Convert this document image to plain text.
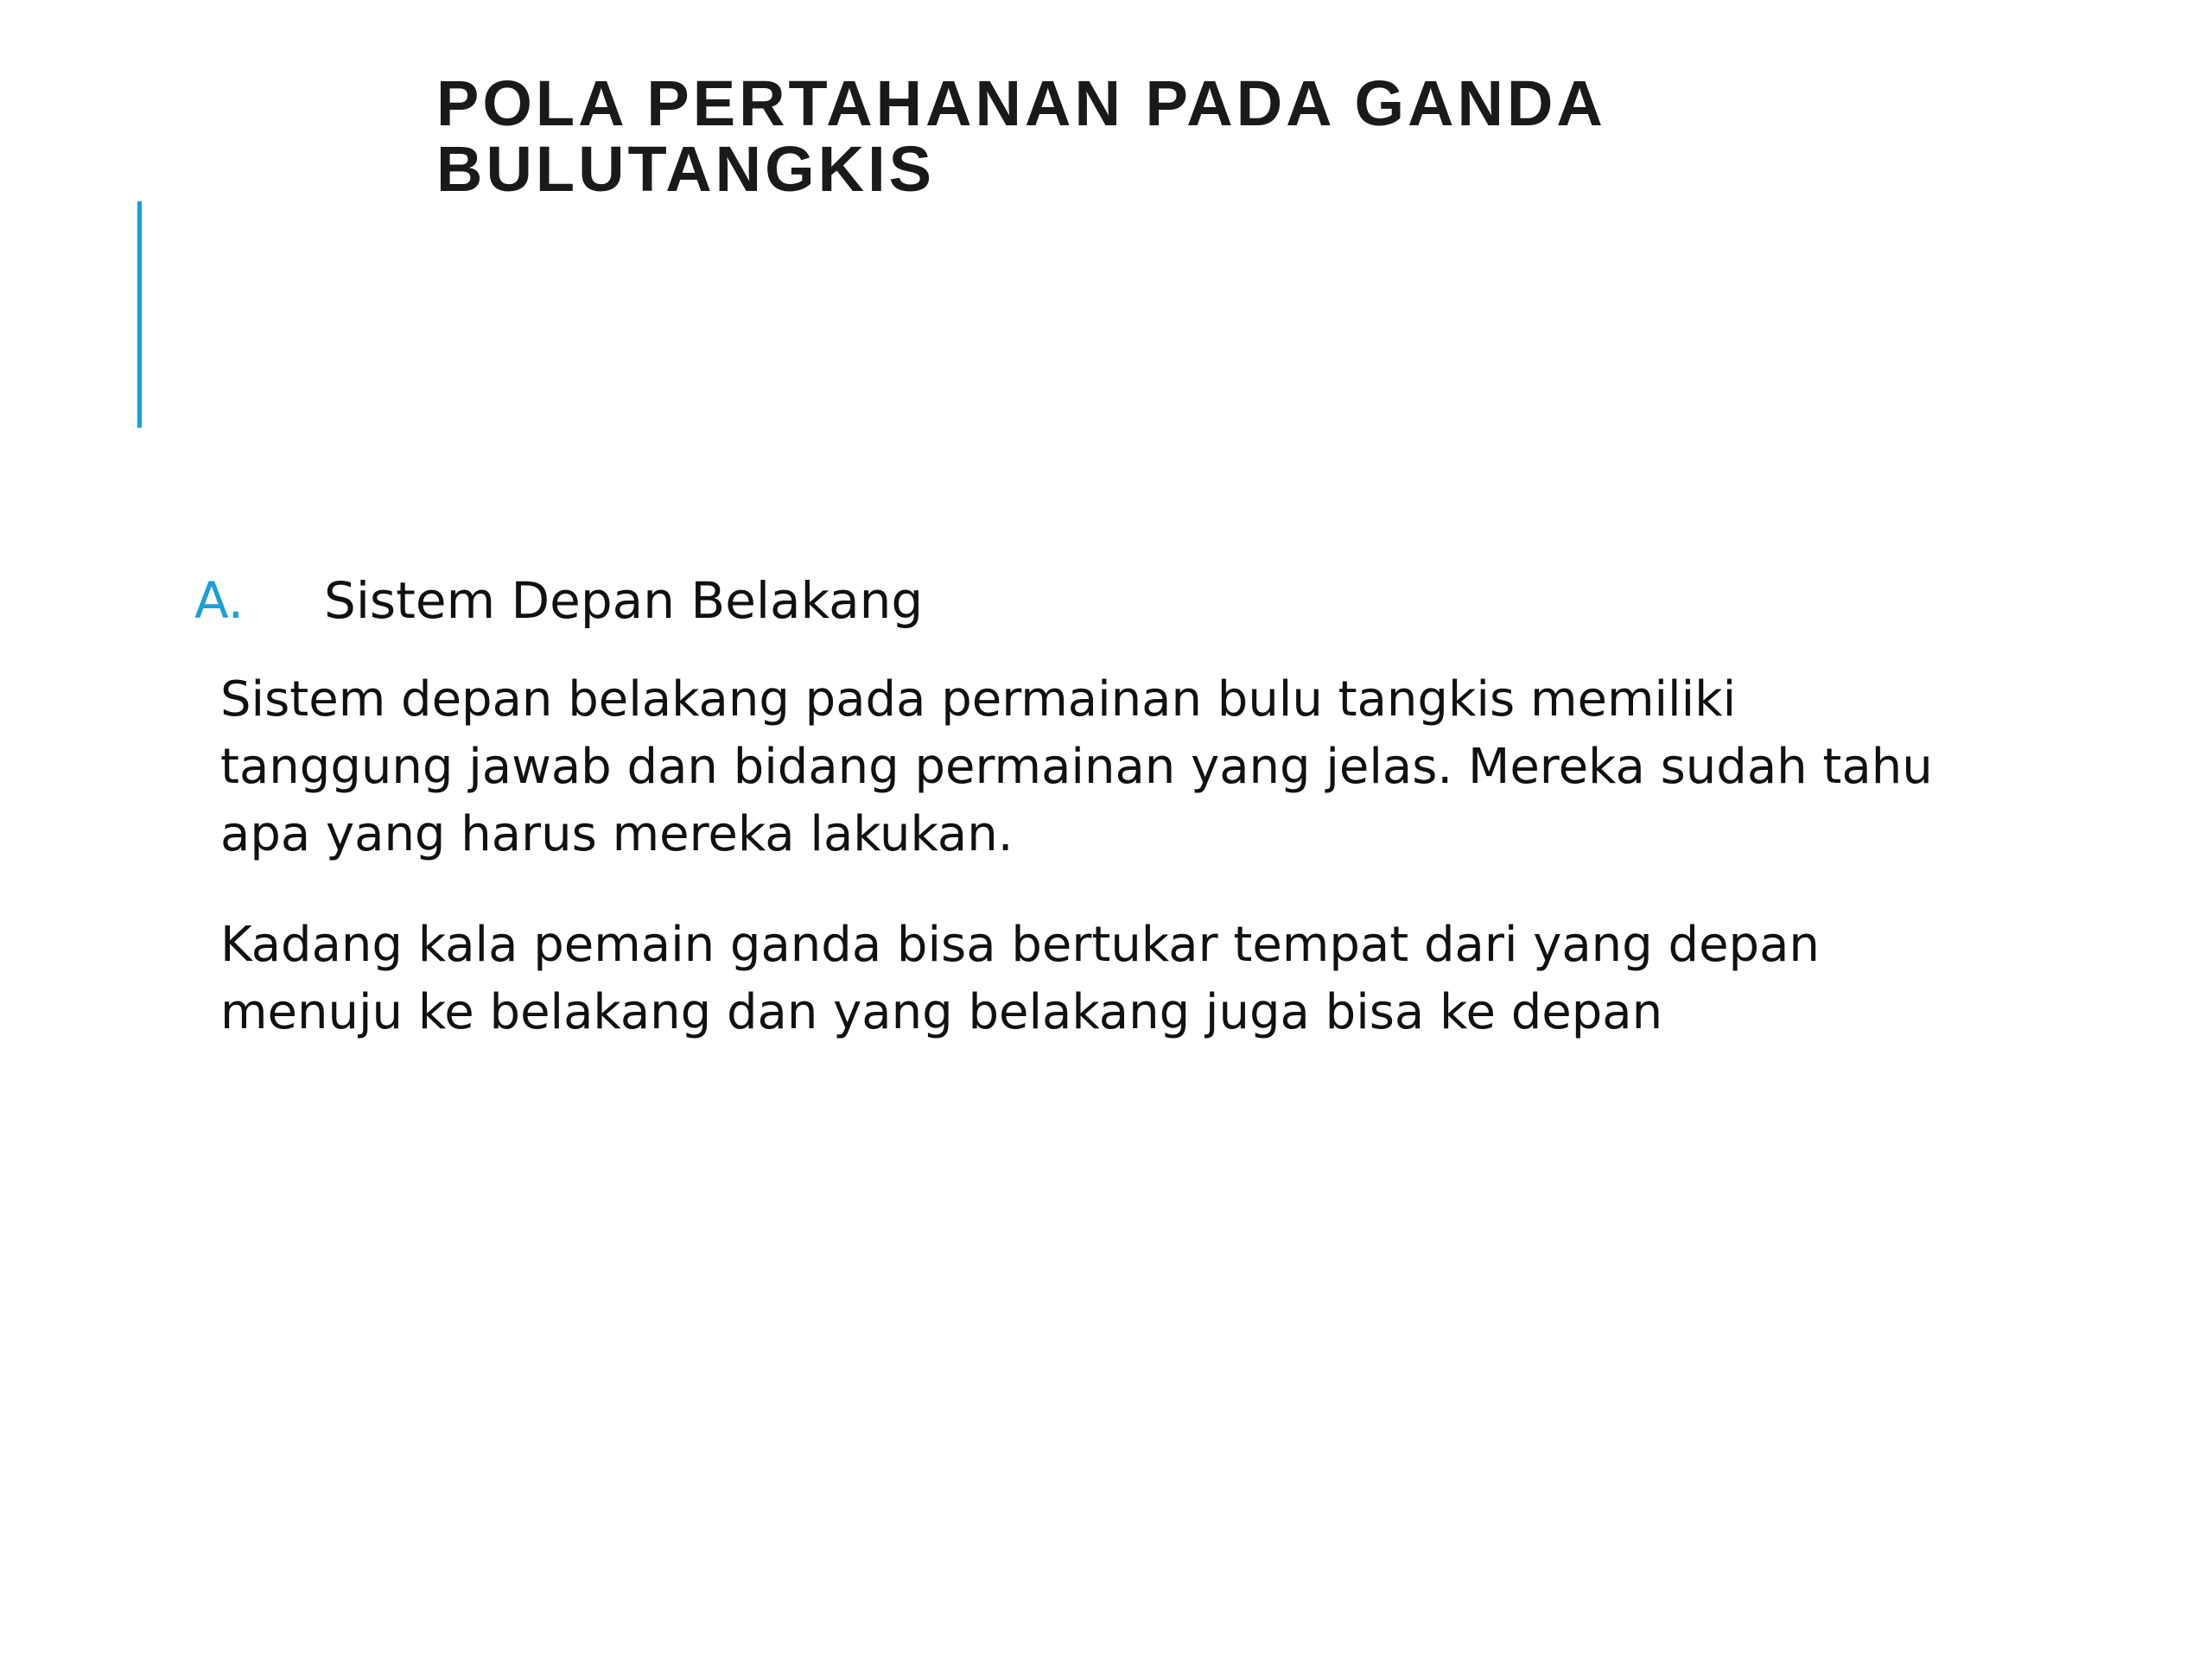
POLA PERTAHANAN PADA GANDA BULUTANGKIS
A.	Sistem Depan Belakang

Sistem depan belakang pada permainan bulu tangkis memiliki tanggung jawab dan bidang permainan yang jelas. Mereka sudah tahu apa yang harus mereka lakukan.

Kadang kala pemain ganda bisa bertukar tempat dari yang depan menuju ke belakang dan yang belakang juga bisa ke depan
